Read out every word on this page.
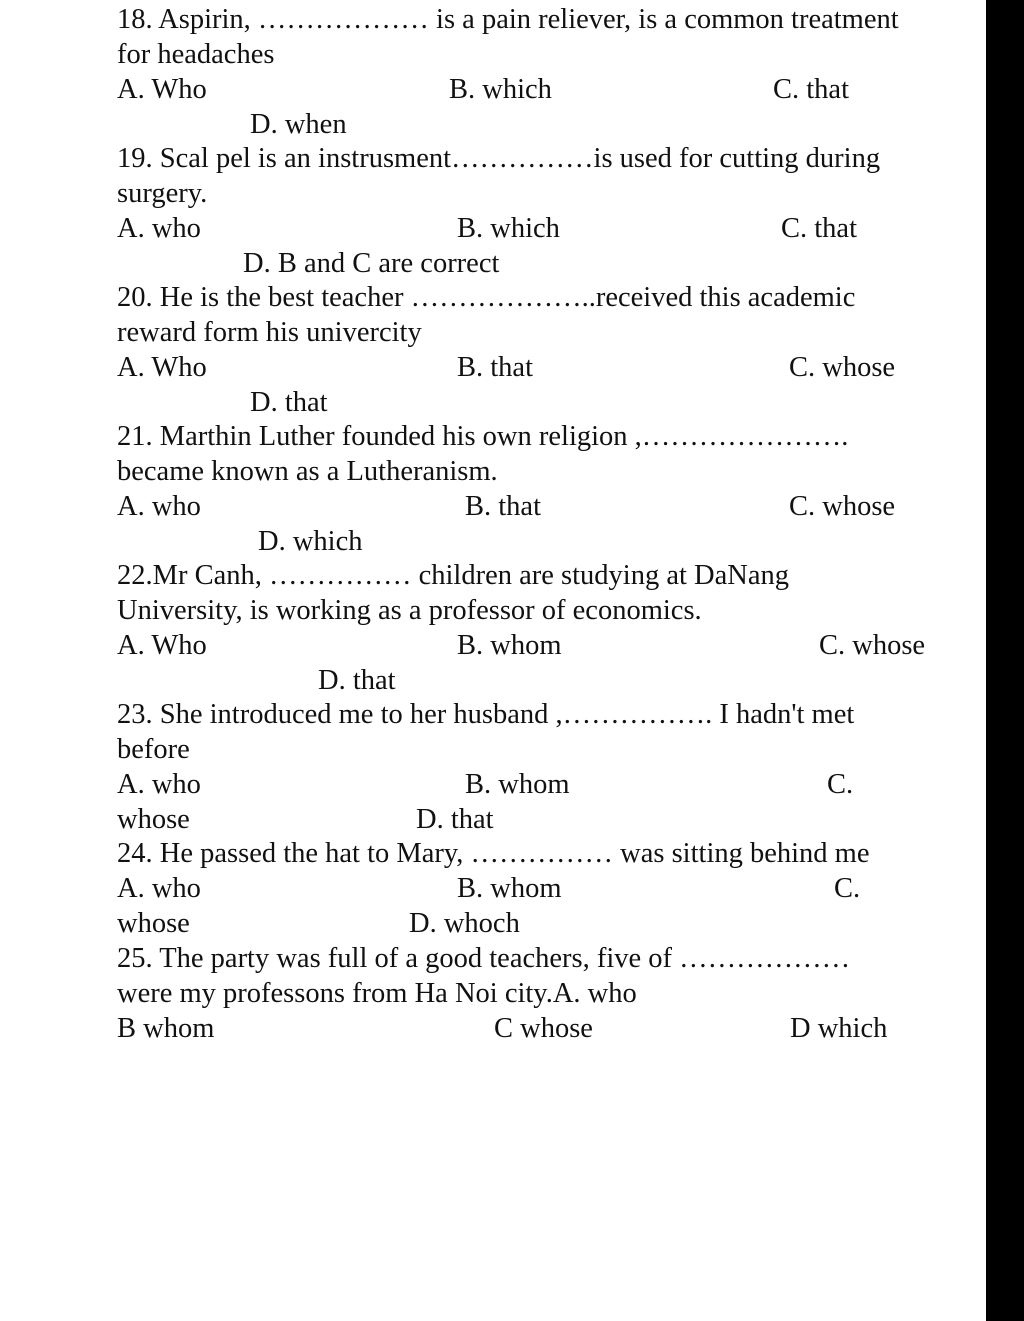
18. Aspirin, ……………… is a pain reliever, is a common treatment

for headaches

A. Who	B. which	C. that

D. when

19. Scal pel is an instrusment……………is used for cutting during

surgery.

A. who	B. which	C. that

D. B and C are correct

20. He is the best teacher ………………..received this academic

reward form his univercity

A. Who	B. that	C. whose

D. that

21. Marthin Luther founded his own religion ,………………….

became known as a Lutheranism.

A. who	B. that	C. whose

D. which

22.Mr Canh, …………… children are studying at DaNang

University, is working as a professor of economics.

A. Who	B. whom	C. whose

D. that

23. She introduced me to her husband ,……………. I hadn't met

before

A. who	B. whom	C.

whose	D. that

24. He passed the hat to Mary, …………… was sitting behind me

A. who	B. whom	C.

whose	D. whoch

25. The party was full of a good teachers, five of ………………

were my professons from Ha Noi city.A. who

B whom	C whose	D which
